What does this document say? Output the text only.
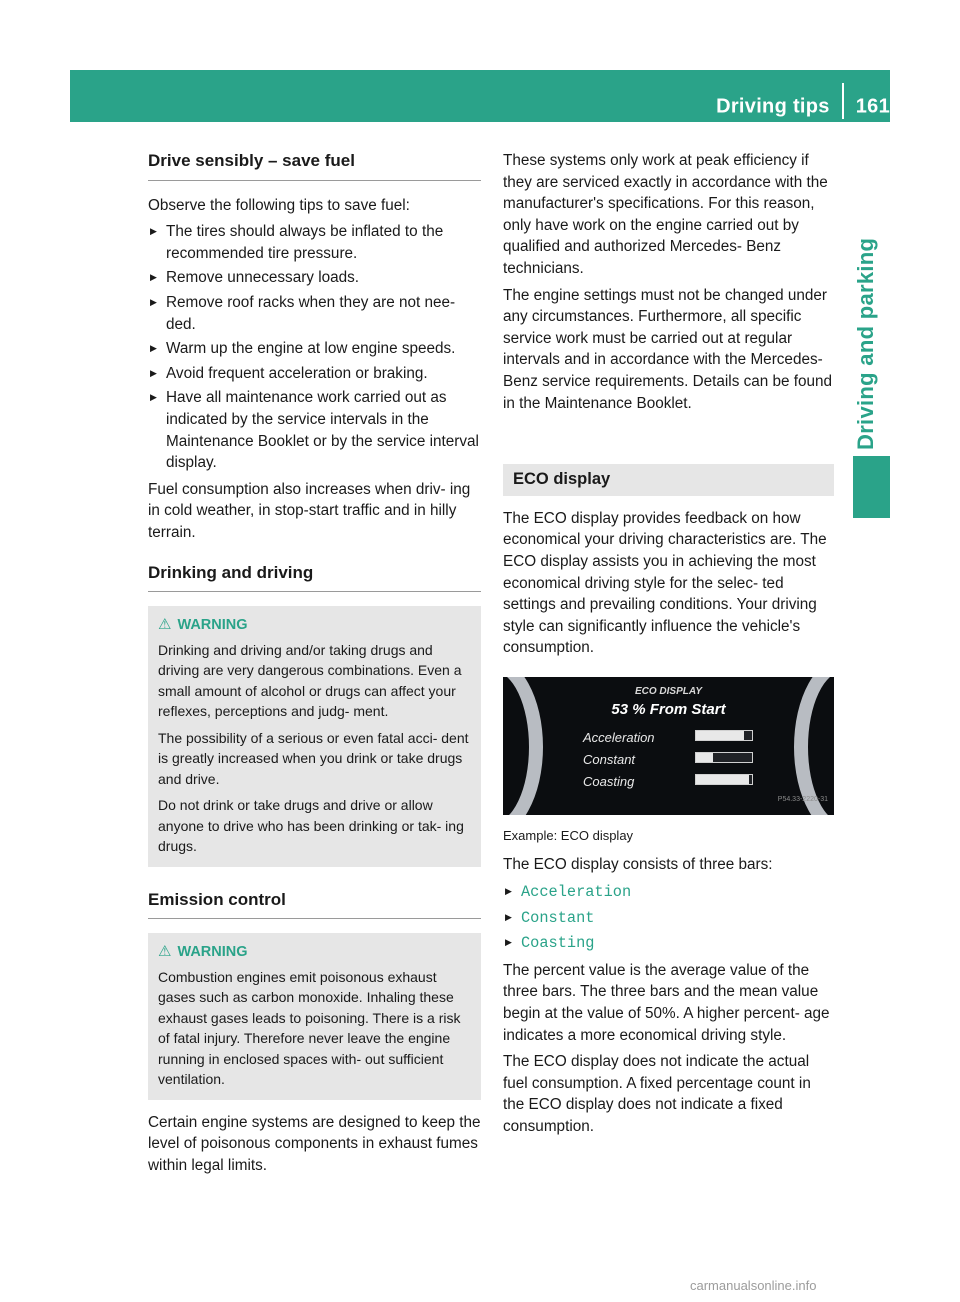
Driving tips 161
Driving and parking
Drive sensibly – save fuel

Observe the following tips to save fuel:

▶ The tires should always be inflated to the recommended tire pressure.
▶ Remove unnecessary loads.
▶ Remove roof racks when they are not nee- ded.
▶ Warm up the engine at low engine speeds.
▶ Avoid frequent acceleration or braking.
▶ Have all maintenance work carried out as indicated by the service intervals in the Maintenance Booklet or by the service interval display.

Fuel consumption also increases when driv- ing in cold weather, in stop-start traffic and in hilly terrain.

Drinking and driving
⚠ WARNING

Drinking and driving and/or taking drugs and driving are very dangerous combinations. Even a small amount of alcohol or drugs can affect your reflexes, perceptions and judg- ment.

The possibility of a serious or even fatal acci- dent is greatly increased when you drink or take drugs and drive.

Do not drink or take drugs and drive or allow anyone to drive who has been drinking or tak- ing drugs.

Emission control
⚠ WARNING

Combustion engines emit poisonous exhaust gases such as carbon monoxide. Inhaling these exhaust gases leads to poisoning. There is a risk of fatal injury. Therefore never leave the engine running in enclosed spaces with- out sufficient ventilation.

Certain engine systems are designed to keep the level of poisonous components in exhaust fumes within legal limits.

These systems only work at peak efficiency if they are serviced exactly in accordance with the manufacturer's specifications. For this reason, only have work on the engine carried out by qualified and authorized Mercedes- Benz technicians.

The engine settings must not be changed under any circumstances. Furthermore, all specific service work must be carried out at regular intervals and in accordance with the Mercedes-Benz service requirements. Details can be found in the Maintenance Booklet.

ECO display

The ECO display provides feedback on how economical your driving characteristics are. The ECO display assists you in achieving the most economical driving style for the selec- ted settings and prevailing conditions. Your driving style can significantly influence the vehicle's consumption.

ECO DISPLAY
53 % From Start
Acceleration
Constant
Coasting
P54.33-2220-31

Example: ECO display

The ECO display consists of three bars:

▶ Acceleration
▶ Constant
▶ Coasting

The percent value is the average value of the three bars. The three bars and the mean value begin at the value of 50%. A higher percent- age indicates a more economical driving style.

The ECO display does not indicate the actual fuel consumption. A fixed percentage count in the ECO display does not indicate a fixed consumption.

carmanualsonline.info
